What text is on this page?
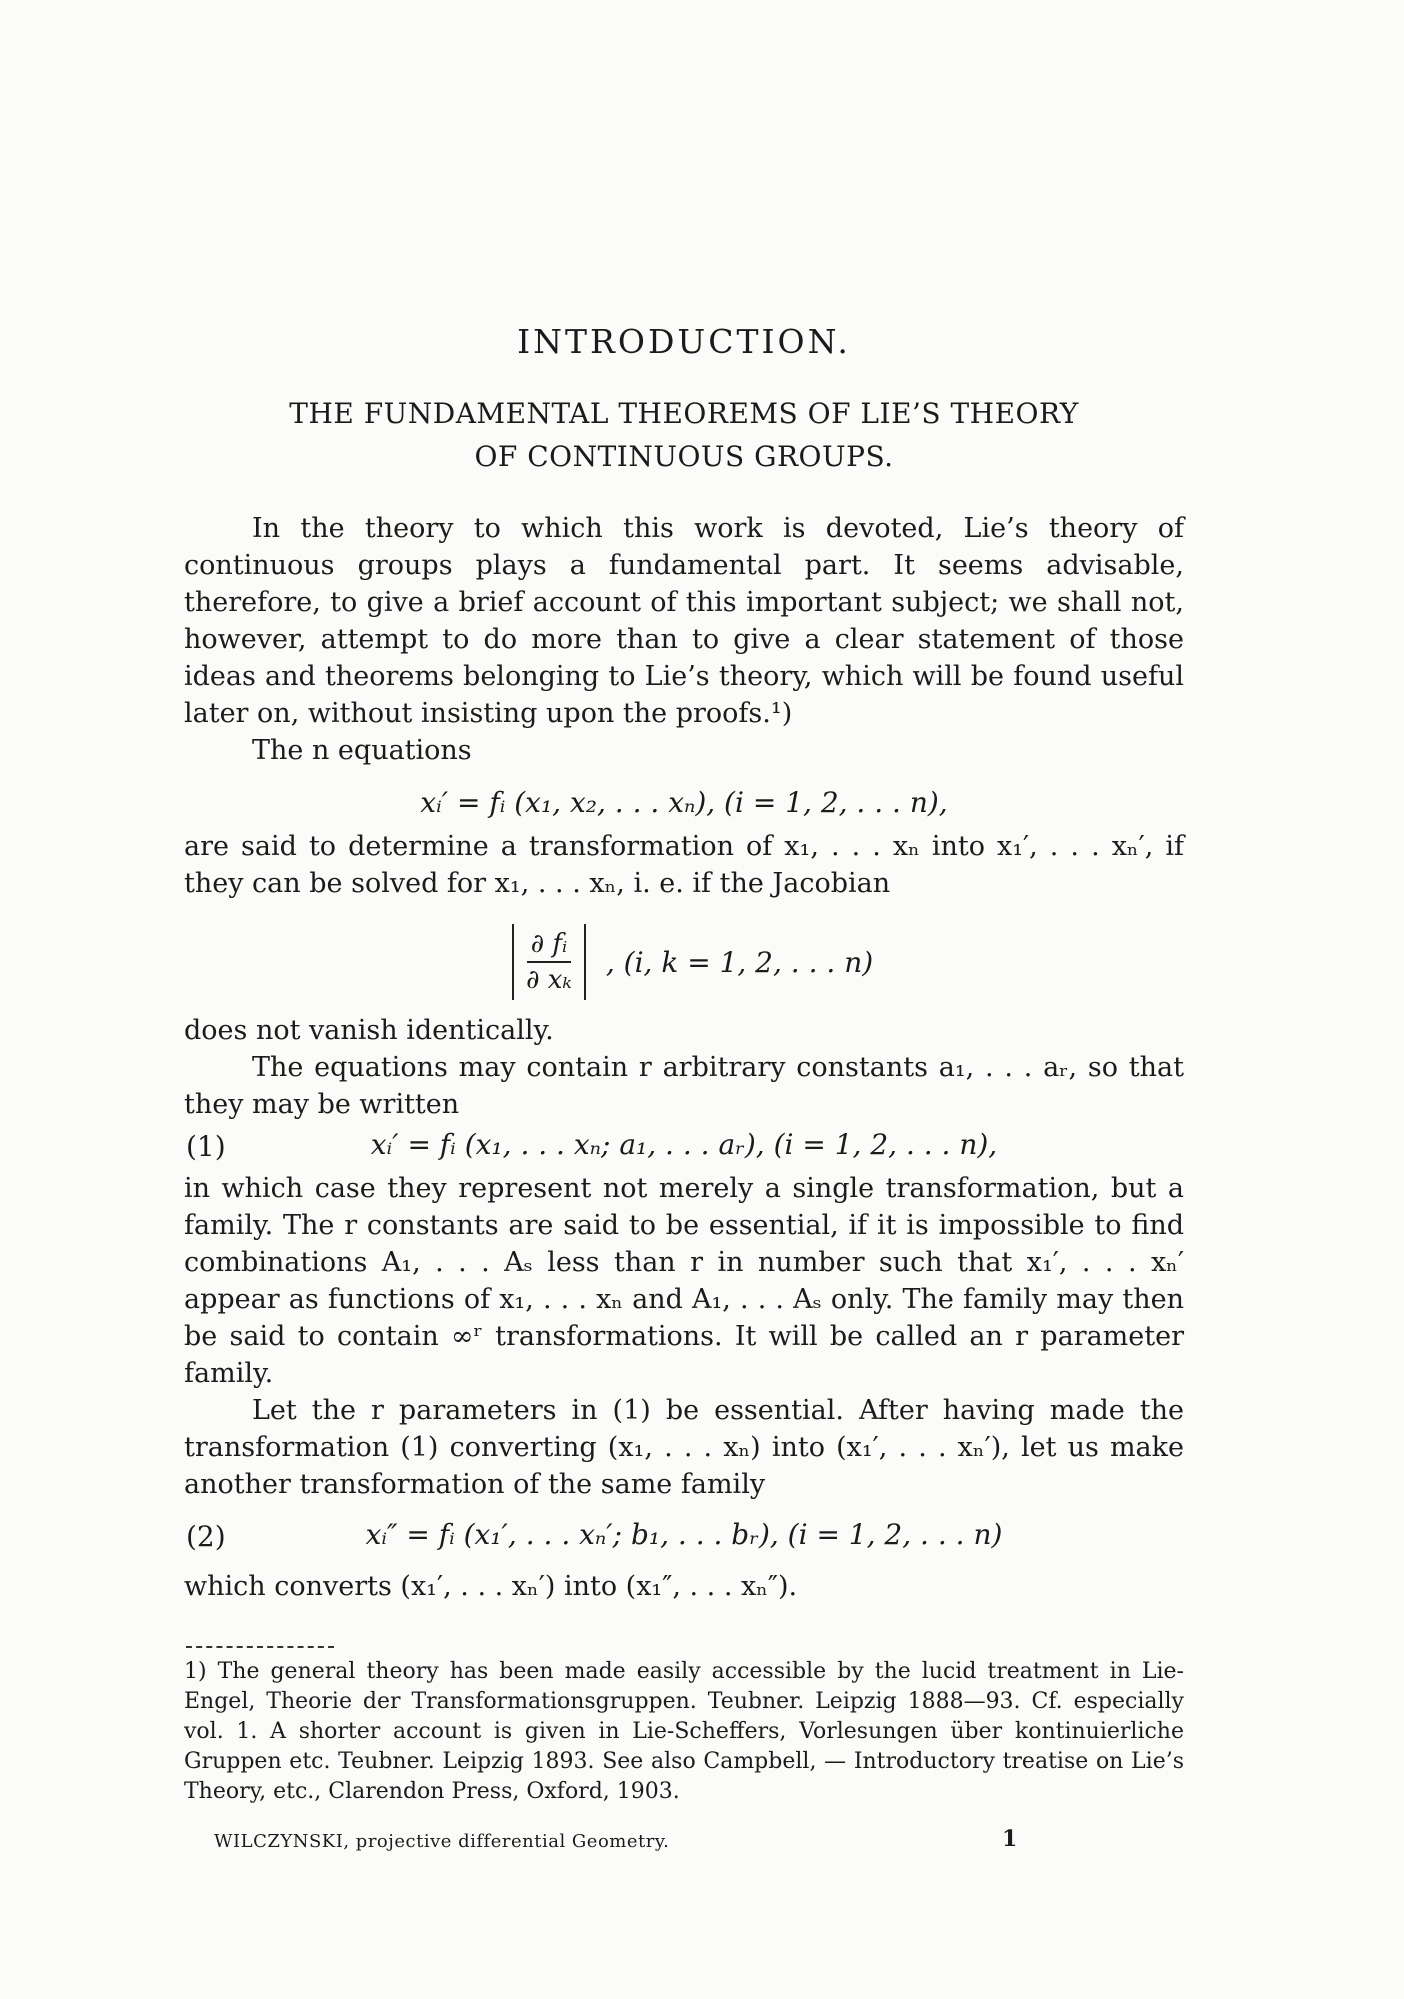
INTRODUCTION.
THE FUNDAMENTAL THEOREMS OF LIE’S THEORY
OF CONTINUOUS GROUPS.
In the theory to which this work is devoted, Lie’s theory of continuous groups plays a fundamental part. It seems advisable, therefore, to give a brief account of this important subject; we shall not, however, attempt to do more than to give a clear statement of those ideas and theorems belonging to Lie’s theory, which will be found useful later on, without insisting upon the proofs.¹)
The n equations
xᵢ′ = fᵢ (x₁, x₂, . . . xₙ), (i = 1, 2, . . . n),
are said to determine a transformation of x₁, . . . xₙ into x₁′, . . . xₙ′, if they can be solved for x₁, . . . xₙ, i. e. if the Jacobian
$\frac{\text{∂ fᵢ}}{\text{∂ xₖ}}$ , (i, k = 1, 2, . . . n)
does not vanish identically.
The equations may contain r arbitrary constants a₁, . . . aᵣ, so that they may be written
(1)	xᵢ′ = fᵢ (x₁, . . . xₙ; a₁, . . . aᵣ), (i = 1, 2, . . . n),
in which case they represent not merely a single transformation, but a family. The r constants are said to be essential, if it is impossible to find combinations A₁, . . . Aₛ less than r in number such that x₁′, . . . xₙ′ appear as functions of x₁, . . . xₙ and A₁, . . . Aₛ only. The family may then be said to contain ∞ʳ transformations. It will be called an r parameter family.
Let the r parameters in (1) be essential. After having made the transformation (1) converting (x₁, . . . xₙ) into (x₁′, . . . xₙ′), let us make another transformation of the same family
(2)	xᵢ″ = fᵢ (x₁′, . . . xₙ′; b₁, . . . bᵣ), (i = 1, 2, . . . n)
which converts (x₁′, . . . xₙ′) into (x₁″, . . . xₙ″).
1) The general theory has been made easily accessible by the lucid treatment in Lie-Engel, Theorie der Transformationsgruppen. Teubner. Leipzig 1888—93. Cf. especially vol. 1. A shorter account is given in Lie-Scheffers, Vorlesungen über kontinuierliche Gruppen etc. Teubner. Leipzig 1893. See also Campbell, — Introductory treatise on Lie’s Theory, etc., Clarendon Press, Oxford, 1903.
WILCZYNSKI, projective differential Geometry.	1
